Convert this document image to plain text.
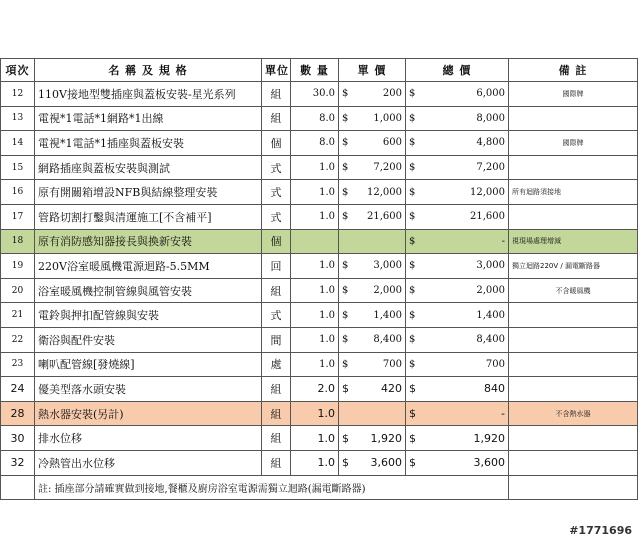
項次	名 稱 及 規 格	單位	數 量	單 價		總 價		備 註
12	110V接地型雙插座與蓋板安裝-星光系列	組	30.0	$	200	$	6,000	國際牌
13	電視*1電話*1網路*1出線	組	8.0	$	1,000	$	8,000	
14	電視*1電話*1插座與蓋板安裝	個	8.0	$	600	$	4,800	國際牌
15	網路插座與蓋板安裝與測試	式	1.0	$	7,200	$	7,200	
16	原有開關箱增設NFB與結線整理安裝	式	1.0	$	12,000	$	12,000	所有迴路須接地
17	管路切割打鑿與清運施工[不含補平]	式	1.0	$	21,600	$	21,600	
18	原有消防感知器接長與換新安裝	個				$	-	視現場處理增減
19	220V浴室暖風機電源迴路-5.5MM	回	1.0	$	3,000	$	3,000	獨立迴路220V / 漏電斷路器
20	浴室暖風機控制管線與風管安裝	組	1.0	$	2,000	$	2,000	不含暖風機
21	電鈴與押扣配管線與安裝	式	1.0	$	1,400	$	1,400	
22	衛浴與配件安裝	間	1.0	$	8,400	$	8,400	
23	喇叭配管線[發燒線]	處	1.0	$	700	$	700	
24	優美型落水頭安裝	組	2.0	$	420	$	840	
28	熱水器安裝(另計)	組	1.0			$	-	不含熱水器
30	排水位移	組	1.0	$	1,920	$	1,920	
32	冷熱管出水位移	組	1.0	$	3,600	$	3,600	
	註: 插座部分請確實做到接地,餐櫃及廚房浴室電源需獨立迴路(漏電斷路器)							
#1771696
